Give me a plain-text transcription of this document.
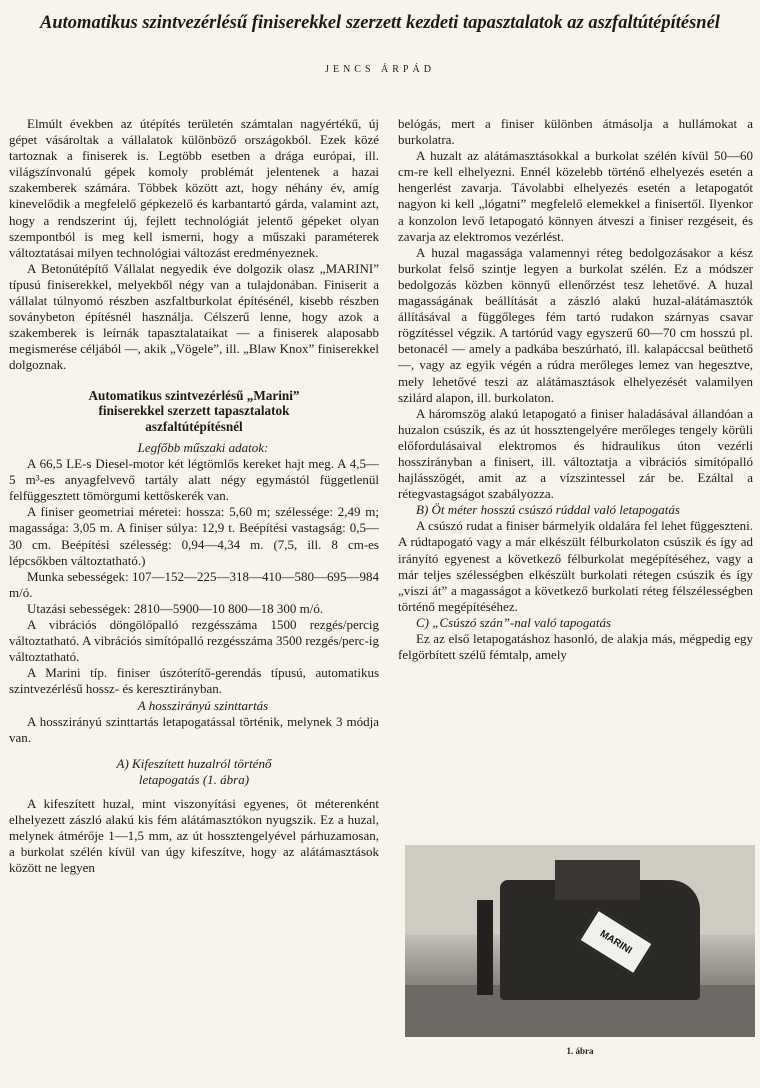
Automatikus szintvezérlésű finiserekkel szerzett kezdeti tapasztalatok az aszfaltútépítésnél
JENCS ÁRPÁD

Elmúlt években az útépítés területén számtalan nagyértékű, új gépet vásároltak a vállalatok különböző országokból. Ezek közé tartoznak a finiserek is. Legtöbb esetben a drága európai, ill. világszínvonalú gépek komoly problémát jelentenek a hazai szakemberek számára. Többek között azt, hogy néhány év, amíg kinevelődik a megfelelő gépkezelő és karbantartó gárda, valamint azt, hogy a rendszerint új, fejlett technológiát jelentő gépeket olyan szempontból is meg kell ismerni, hogy a műszaki paraméterek változtatásai milyen technológiai változást eredményeznek.

A Betonútépítő Vállalat negyedik éve dolgozik olasz „MARINI” típusú finiserekkel, melyekből négy van a tulajdonában. Finiserit a vállalat túlnyomó részben aszfaltburkolat építésénél, kisebb részben soványbeton építésnél használja. Célszerű lenne, hogy azok a szakemberek is leírnák tapasztalataikat — a finiserek alaposabb megismerése céljából —, akik „Vögele”, ill. „Blaw Knox” finiserekkel dolgoznak.

Automatikus szintvezérlésű „Marini”
finiserekkel szerzett tapasztalatok
aszfaltútépítésnél

Legfőbb műszaki adatok:

A 66,5 LE-s Diesel-motor két légtömlős kereket hajt meg. A 4,5—5 m³-es anyagfelvevő tartály alatt négy egymástól függetlenül felfüggesztett tömörgumi kettőskerék van.

A finiser geometriai méretei: hossza: 5,60 m; szélessége: 2,49 m; magassága: 3,05 m. A finiser súlya: 12,9 t. Beépítési vastagság: 0,5—30 cm. Beépítési szélesség: 0,94—4,34 m. (7,5, ill. 8 cm-es lépcsőkben változtatható.)

Munka sebességek: 107—152—225—318—410—580—695—984 m/ó.

Utazási sebességek: 2810—5900—10 800—18 300 m/ó.

A vibrációs döngölőpalló rezgésszáma 1500 rezgés/percig változtatható. A vibrációs simítópalló rezgésszáma 3500 rezgés/perc-ig változtatható.

A Marini típ. finiser úszóterítő-gerendás típusú, automatikus szintvezérlésű hossz- és keresztirányban.

A hosszirányú szinttartás

A hosszirányú szinttartás letapogatással történik, melynek 3 módja van.

A) Kifeszített huzalról történő
letapogatás (1. ábra)

A kifeszített huzal, mint viszonyítási egyenes, öt méterenként elhelyezett zászló alakú kis fém alátámasztókon nyugszik. Ez a huzal, melynek átmérője 1—1,5 mm, az út hossztengelyével párhuzamosan, a burkolat szélén kívül van úgy kifeszítve, hogy az alátámasztások között ne legyen

belógás, mert a finiser különben átmásolja a hullámokat a burkolatra.

A huzalt az alátámasztásokkal a burkolat szélén kívül 50—60 cm-re kell elhelyezni. Ennél közelebb történő elhelyezés esetén a hengerlést zavarja. Távolabbi elhelyezés esetén a letapogatót nagyon ki kell „lógatni” megfelelő elemekkel a finisertől. Ilyenkor a konzolon levő letapogató könnyen átveszi a finiser rezgéseit, és zavarja az elektromos vezérlést.

A huzal magassága valamennyi réteg bedolgozásakor a kész burkolat felső szintje legyen a burkolat szélén. Ez a módszer bedolgozás közben könnyű ellenőrzést tesz lehetővé. A huzal magasságának beállítását a zászló alakú huzal-alátámasztók állításával a függőleges fém tartó rudakon szárnyas csavar rögzítéssel végzik. A tartórúd vagy egyszerű 60—70 cm hosszú pl. betonacél — amely a padkába beszúrható, ill. kalapáccsal beüthető —, vagy az egyik végén a rúdra merőleges lemez van hegesztve, mely lehetővé teszi az alátámasztások elhelyezését valamilyen szilárd alapon, ill. burkolaton.

A háromszög alakú letapogató a finiser haladásával állandóan a huzalon csúszik, és az út hossztengelyére merőleges tengely körüli előfordulásaival elektromos és hidraulikus úton vezérli hosszirányban a finisert, ill. változtatja a vibrációs simítópalló hajlásszögét, amit az a vízszintessel zár be. Ezáltal a rétegvastagságot szabályozza.

B) Öt méter hosszú csúszó rúddal való letapogatás

A csúszó rudat a finiser bármelyik oldalára fel lehet függeszteni. A rúdtapogató vagy a már elkészült félburkolaton csúszik és így ad irányító egyenest a következő félburkolat megépítéséhez, vagy a már teljes szélességben elkészült burkolati rétegen csúszik és így „viszi át” a magasságot a következő burkolati réteg félszélességben történő megépítéséhez.

C) „Csúszó szán”-nal való tapogatás

Ez az első letapogatáshoz hasonló, de alakja más, mégpedig egy felgörbített szélű fémtalp, amely

MARINI
1. ábra
